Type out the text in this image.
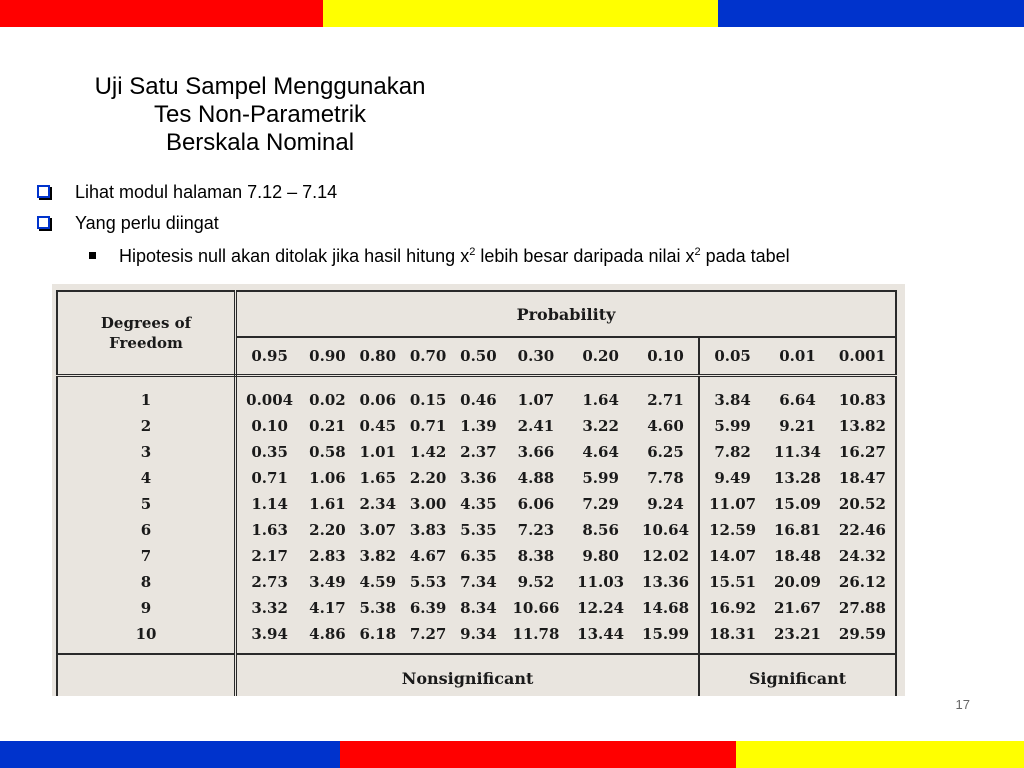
Uji Satu Sampel Menggunakan
Tes Non-Parametrik
Berskala Nominal
Lihat modul halaman 7.12 – 7.14
Yang perlu diingat
Hipotesis null akan ditolak jika hasil hitung $x^2$ lebih besar daripada nilai $x^2$ pada tabel
Degrees of Freedom	Probability										
	0.95	0.90	0.80	0.70	0.50	0.30	0.20	0.10	0.05	0.01	0.001
1	0.004	0.02	0.06	0.15	0.46	1.07	1.64	2.71	3.84	6.64	10.83
2	0.10	0.21	0.45	0.71	1.39	2.41	3.22	4.60	5.99	9.21	13.82
3	0.35	0.58	1.01	1.42	2.37	3.66	4.64	6.25	7.82	11.34	16.27
4	0.71	1.06	1.65	2.20	3.36	4.88	5.99	7.78	9.49	13.28	18.47
5	1.14	1.61	2.34	3.00	4.35	6.06	7.29	9.24	11.07	15.09	20.52
6	1.63	2.20	3.07	3.83	5.35	7.23	8.56	10.64	12.59	16.81	22.46
7	2.17	2.83	3.82	4.67	6.35	8.38	9.80	12.02	14.07	18.48	24.32
8	2.73	3.49	4.59	5.53	7.34	9.52	11.03	13.36	15.51	20.09	26.12
9	3.32	4.17	5.38	6.39	8.34	10.66	12.24	14.68	16.92	21.67	27.88
10	3.94	4.86	6.18	7.27	9.34	11.78	13.44	15.99	18.31	23.21	29.59
	Nonsignificant								Significant		
17
